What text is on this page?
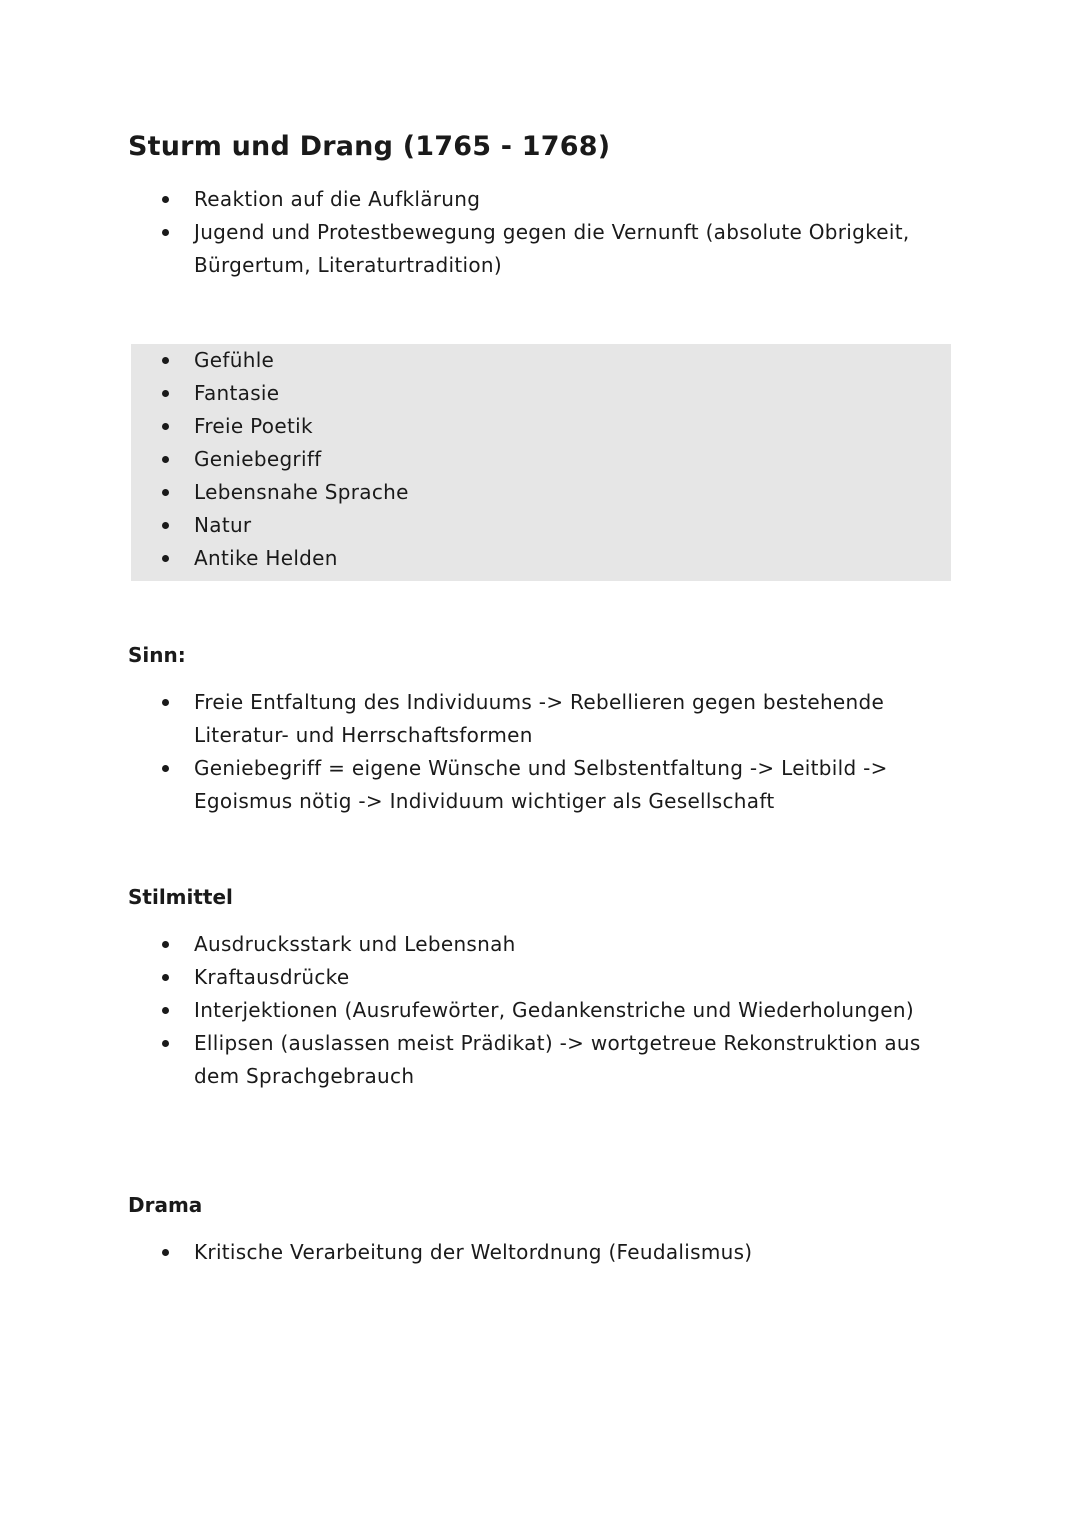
Sturm und Drang (1765 - 1768)
Reaktion auf die Aufklärung
Jugend und Protestbewegung gegen die Vernunft (absolute Obrigkeit, Bürgertum, Literaturtradition)
Gefühle
Fantasie
Freie Poetik
Geniebegriff
Lebensnahe Sprache
Natur
Antike Helden
Sinn:
Freie Entfaltung des Individuums -> Rebellieren gegen bestehende Literatur- und Herrschaftsformen
Geniebegriff = eigene Wünsche und Selbstentfaltung -> Leitbild -> Egoismus nötig -> Individuum wichtiger als Gesellschaft
Stilmittel
Ausdrucksstark und Lebensnah
Kraftausdrücke
Interjektionen (Ausrufewörter, Gedankenstriche und Wiederholungen)
Ellipsen (auslassen meist Prädikat) -> wortgetreue Rekonstruktion aus dem Sprachgebrauch
Drama
Kritische Verarbeitung der Weltordnung (Feudalismus)
